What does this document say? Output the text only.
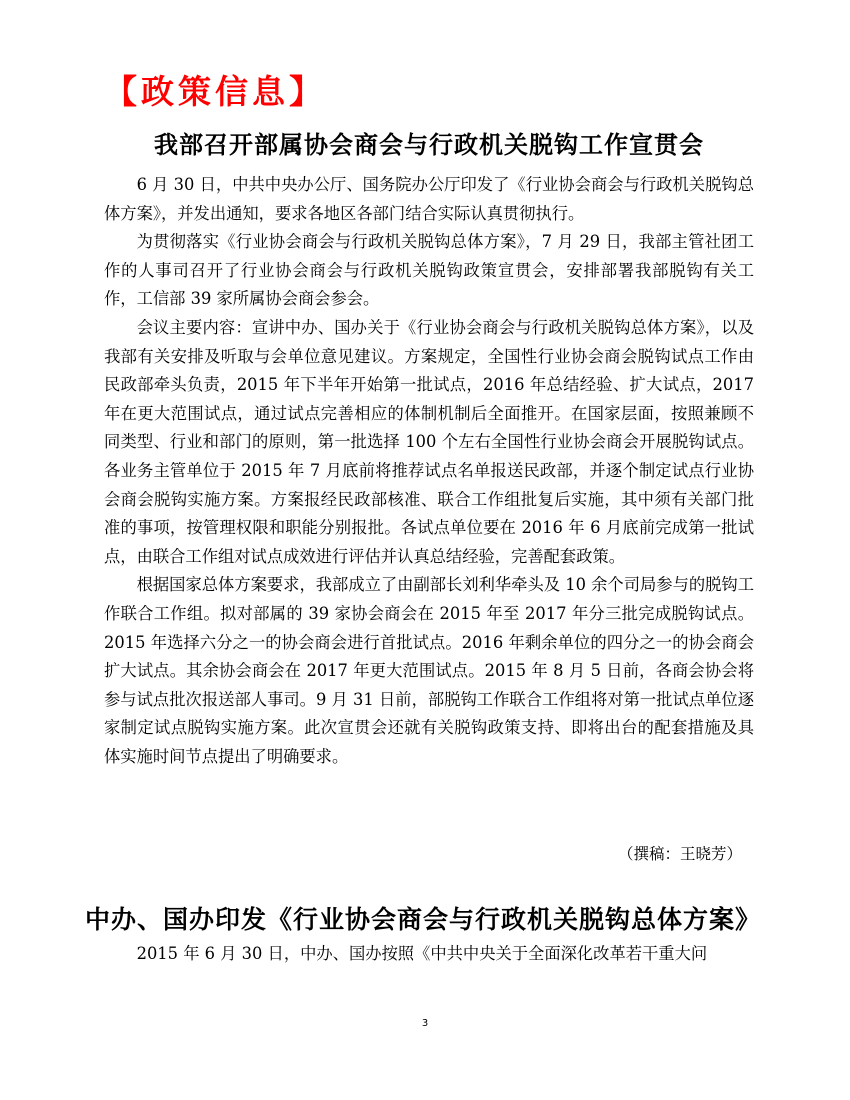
【政策信息】
我部召开部属协会商会与行政机关脱钩工作宣贯会

6 月 30 日，中共中央办公厅、国务院办公厅印发了《行业协会商会与行政机关脱钩总体方案》，并发出通知，要求各地区各部门结合实际认真贯彻执行。

为贯彻落实《行业协会商会与行政机关脱钩总体方案》，7 月 29 日，我部主管社团工作的人事司召开了行业协会商会与行政机关脱钩政策宣贯会，安排部署我部脱钩有关工作，工信部 39 家所属协会商会参会。

会议主要内容：宣讲中办、国办关于《行业协会商会与行政机关脱钩总体方案》，以及我部有关安排及听取与会单位意见建议。方案规定，全国性行业协会商会脱钩试点工作由民政部牵头负责，2015 年下半年开始第一批试点，2016 年总结经验、扩大试点，2017 年在更大范围试点，通过试点完善相应的体制机制后全面推开。在国家层面，按照兼顾不同类型、行业和部门的原则，第一批选择 100 个左右全国性行业协会商会开展脱钩试点。各业务主管单位于 2015 年 7 月底前将推荐试点名单报送民政部，并逐个制定试点行业协会商会脱钩实施方案。方案报经民政部核准、联合工作组批复后实施，其中须有关部门批准的事项，按管理权限和职能分别报批。各试点单位要在 2016 年 6 月底前完成第一批试点，由联合工作组对试点成效进行评估并认真总结经验，完善配套政策。

根据国家总体方案要求，我部成立了由副部长刘利华牵头及 10 余个司局参与的脱钩工作联合工作组。拟对部属的 39 家协会商会在 2015 年至 2017 年分三批完成脱钩试点。2015 年选择六分之一的协会商会进行首批试点。2016 年剩余单位的四分之一的协会商会扩大试点。其余协会商会在 2017 年更大范围试点。2015 年 8 月 5 日前，各商会协会将参与试点批次报送部人事司。9 月 31 日前，部脱钩工作联合工作组将对第一批试点单位逐家制定试点脱钩实施方案。此次宣贯会还就有关脱钩政策支持、即将出台的配套措施及具体实施时间节点提出了明确要求。

（撰稿：王晓芳）
中办、国办印发《行业协会商会与行政机关脱钩总体方案》

2015 年 6 月 30 日，中办、国办按照《中共中央关于全面深化改革若干重大问

3
